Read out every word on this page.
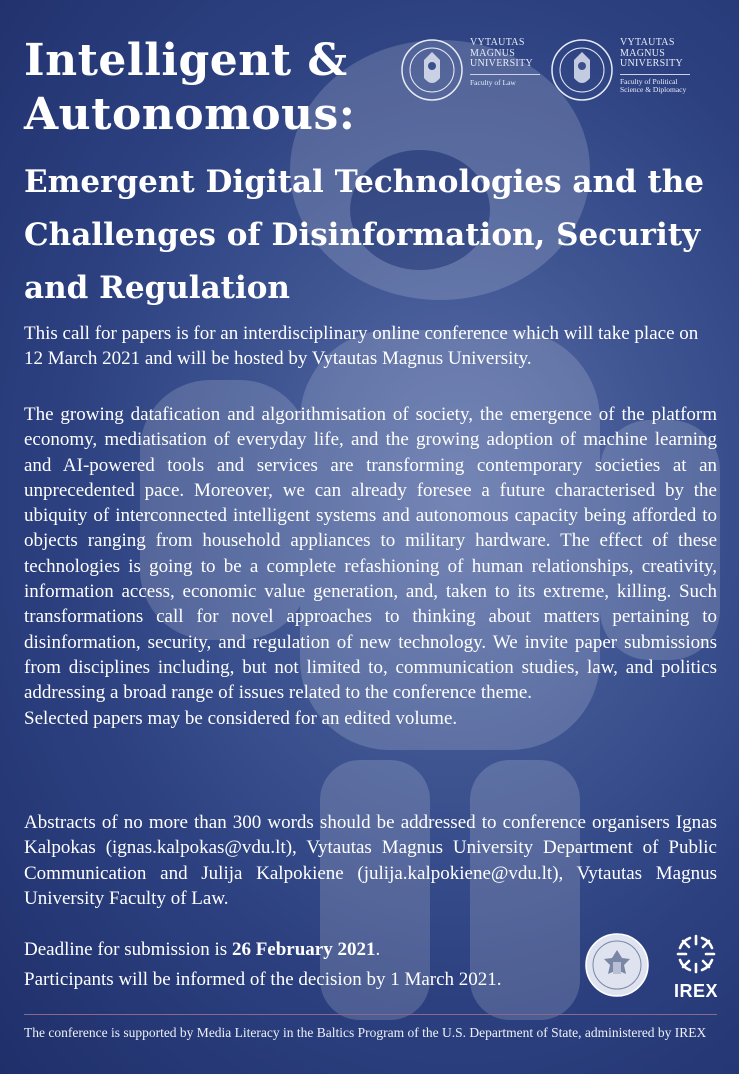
Intelligent &
Autonomous:
VYTAUTAS
MAGNUS
UNIVERSITY
Faculty of Law
VYTAUTAS
MAGNUS
UNIVERSITY
Faculty of Political
Science & Diplomacy
Emergent Digital Technologies and the Challenges of Disinformation, Security and Regulation

This call for papers is for an interdisciplinary online conference which will take place on 12 March 2021 and will be hosted by Vytautas Magnus University.

The growing datafication and algorithmisation of society, the emergence of the platform economy, mediatisation of everyday life, and the growing adoption of machine learning and AI-powered tools and services are transforming contemporary societies at an unprecedented pace. Moreover, we can already foresee a future characterised by the ubiquity of interconnected intelligent systems and autonomous capacity being afforded to objects ranging from household appliances to military hardware. The effect of these technologies is going to be a complete refashioning of human relationships, creativity, information access, economic value generation, and, taken to its extreme, killing. Such transformations call for novel approaches to thinking about matters pertaining to disinformation, security, and regulation of new technology. We invite paper submissions from disciplines including, but not limited to, communication studies, law, and politics addressing a broad range of issues related to the conference theme.
Selected papers may be considered for an edited volume.

Abstracts of no more than 300 words should be addressed to conference organisers Ignas Kalpokas (ignas.kalpokas@vdu.lt), Vytautas Magnus University Department of Public Communication and Julija Kalpokiene (julija.kalpokiene@vdu.lt), Vytautas Magnus University Faculty of Law.

Deadline for submission is 26 February 2021.
Participants will be informed of the decision by 1 March 2021.
IREX
The conference is supported by Media Literacy in the Baltics Program of the U.S. Department of State, administered by IREX
